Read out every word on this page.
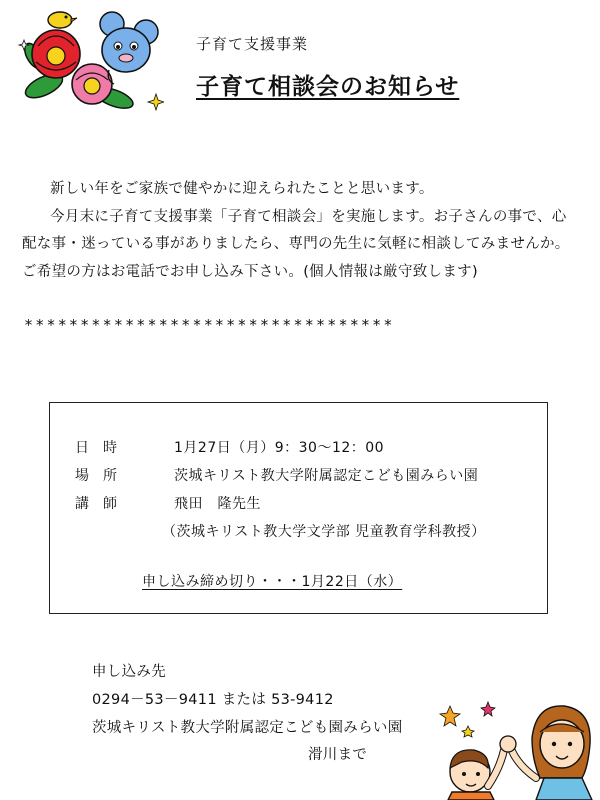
子育て支援事業
子育て相談会のお知らせ

新しい年をご家族で健やかに迎えられたことと思います。

今月末に子育て支援事業「子育て相談会」を実施します。お子さんの事で、心配な事・迷っている事がありましたら、専門の先生に気軽に相談してみませんか。ご希望の方はお電話でお申し込み下さい。(個人情報は厳守致します)

*********************************
日時	1月27日（月）9：30～12：00
場所	茨城キリスト教大学附属認定こども園みらい園
講師	飛田　隆先生
（茨城キリスト教大学文学部 児童教育学科教授）
申し込み締め切り・・・1月22日（水）
申し込み先
0294－53－9411 または 53-9412
茨城キリスト教大学附属認定こども園みらい園
滑川まで
